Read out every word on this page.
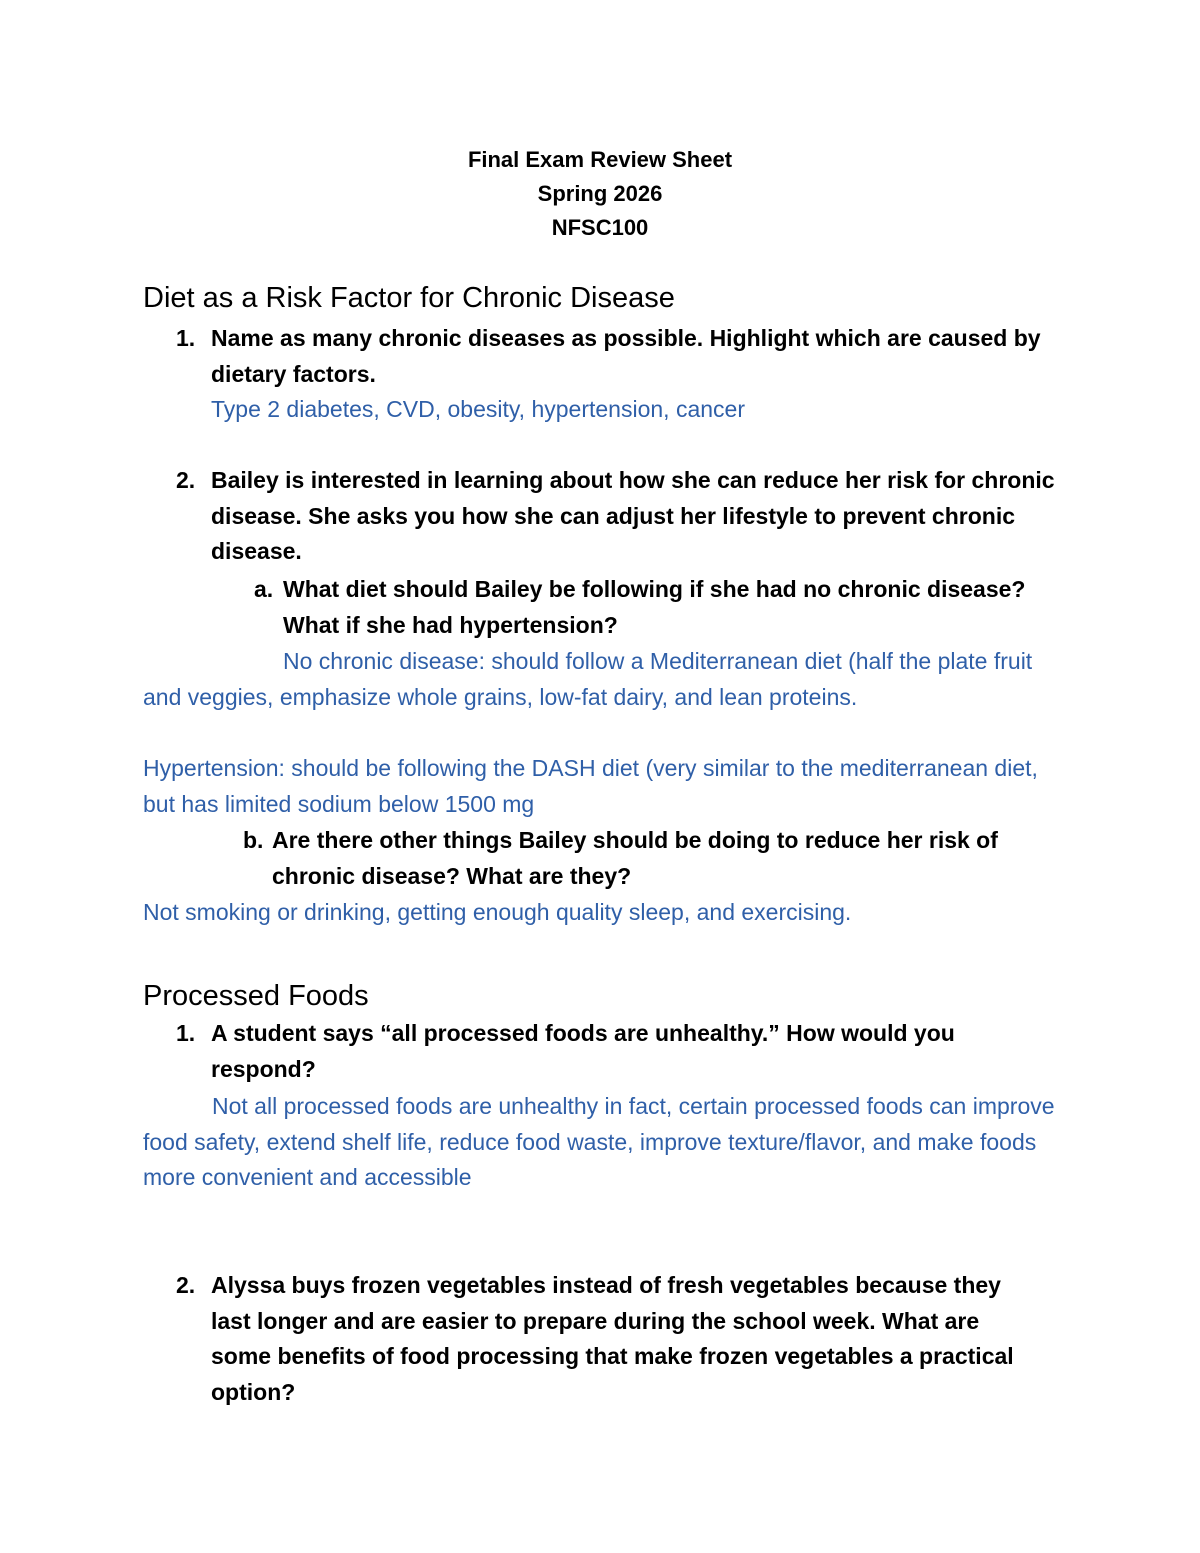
Final Exam Review Sheet
Spring 2026
NFSC100
Diet as a Risk Factor for Chronic Disease
1. Name as many chronic diseases as possible. Highlight which are caused by dietary factors.
Type 2 diabetes, CVD, obesity, hypertension, cancer
2. Bailey is interested in learning about how she can reduce her risk for chronic disease. She asks you how she can adjust her lifestyle to prevent chronic disease.
a. What diet should Bailey be following if she had no chronic disease? What if she had hypertension?
No chronic disease: should follow a Mediterranean diet (half the plate fruit and veggies, emphasize whole grains, low-fat dairy, and lean proteins.
Hypertension: should be following the DASH diet (very similar to the mediterranean diet, but has limited sodium below 1500 mg
b. Are there other things Bailey should be doing to reduce her risk of chronic disease? What are they?
Not smoking or drinking, getting enough quality sleep, and exercising.
Processed Foods
1. A student says “all processed foods are unhealthy.” How would you respond?
Not all processed foods are unhealthy in fact, certain processed foods can improve food safety, extend shelf life, reduce food waste, improve texture/flavor, and make foods more convenient and accessible
2. Alyssa buys frozen vegetables instead of fresh vegetables because they last longer and are easier to prepare during the school week. What are some benefits of food processing that make frozen vegetables a practical option?
